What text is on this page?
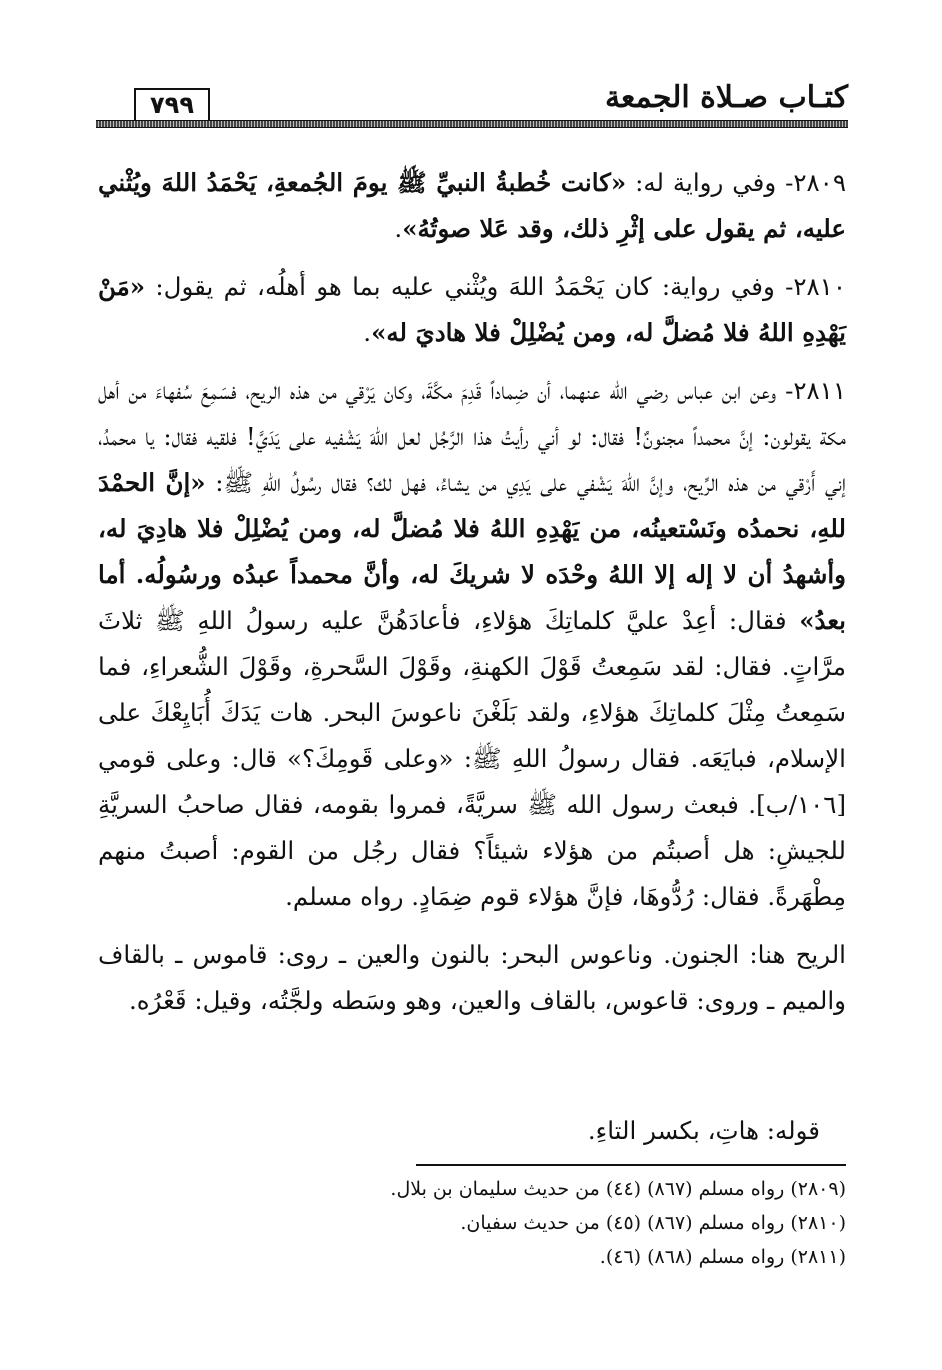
كتـاب صـلاة الجمعة
٧٩٩

٢٨٠٩- وفي رواية له: «كانت خُطبةُ النبيِّ ﷺ يومَ الجُمعةِ، يَحْمَدُ اللهَ ويُثْني عليه، ثم يقول على إثْرِ ذلك، وقد عَلا صوتُهُ».

٢٨١٠- وفي رواية: كان يَحْمَدُ اللهَ ويُثْني عليه بما هو أهلُه، ثم يقول: «مَنْ يَهْدِهِ اللهُ فلا مُضلَّ له، ومن يُضْلِلْ فلا هاديَ له».

٢٨١١- وعن ابن عباس رضي الله عنهما، أن ضِماداً قَدِمَ مكَّةَ، وكان يَرْقي من هذه الريح، فسَمِعَ سُفهاءَ من أهل مكة يقولون: إنَّ محمداً مجنونٌ! فقال: لو أني رأيتُ هذا الرَّجُل لعل اللهَ يَشْفيه على يَدَيَّ! فلقيه فقال: يا محمدُ، إني أَرْقي من هذه الرِّيح، وإنَّ اللهَ يَشْفي على يَدِي من يشاءُ، فهل لك؟ فقال رسُولُ اللهِ ﷺ: «إنَّ الحمْدَ للهِ، نحمدُه ونَسْتعينُه، من يَهْدِهِ اللهُ فلا مُضلَّ له، ومن يُضْلِلْ فلا هادِيَ له، وأشهدُ أن لا إله إلا اللهُ وحْدَه لا شريكَ له، وأنَّ محمداً عبدُه ورسُولُه. أما بعدُ» فقال: أعِدْ عليَّ كلماتِكَ هؤلاءِ، فأعادَهُنَّ عليه رسولُ اللهِ ﷺ ثلاثَ مرَّاتٍ. فقال: لقد سَمِعتُ قَوْلَ الكهنةِ، وقَوْلَ السَّحرةِ، وقَوْلَ الشُّعراءِ، فما سَمِعتُ مِثْلَ كلماتِكَ هؤلاءِ، ولقد بَلَغْنَ ناعوسَ البحر. هات يَدَكَ أُبَايِعْكَ على الإسلام، فبايَعَه. فقال رسولُ اللهِ ﷺ: «وعلى قَومِكَ؟» قال: وعلى قومي [١٠٦/ب]. فبعث رسول الله ﷺ سريَّةً، فمروا بقومه، فقال صاحبُ السريَّةِ للجيشِ: هل أصبتُم من هؤلاء شيئاً؟ فقال رجُل من القوم: أصبتُ منهم مِطْهَرةً. فقال: رُدُّوهَا، فإنَّ هؤلاء قوم ضِمَادٍ. رواه مسلم.

الريح هنا: الجنون. وناعوس البحر: بالنون والعين ـ روى: قاموس ـ بالقاف والميم ـ وروى: قاعوس، بالقاف والعين، وهو وسَطه ولجَّتُه، وقيل: قَعْرُه.

قوله: هاتِ، بكسر التاءِ.
(٢٨٠٩) رواه مسلم (٨٦٧) (٤٤) من حديث سليمان بن بلال.
(٢٨١٠) رواه مسلم (٨٦٧) (٤٥) من حديث سفيان.
(٢٨١١) رواه مسلم (٨٦٨) (٤٦).
